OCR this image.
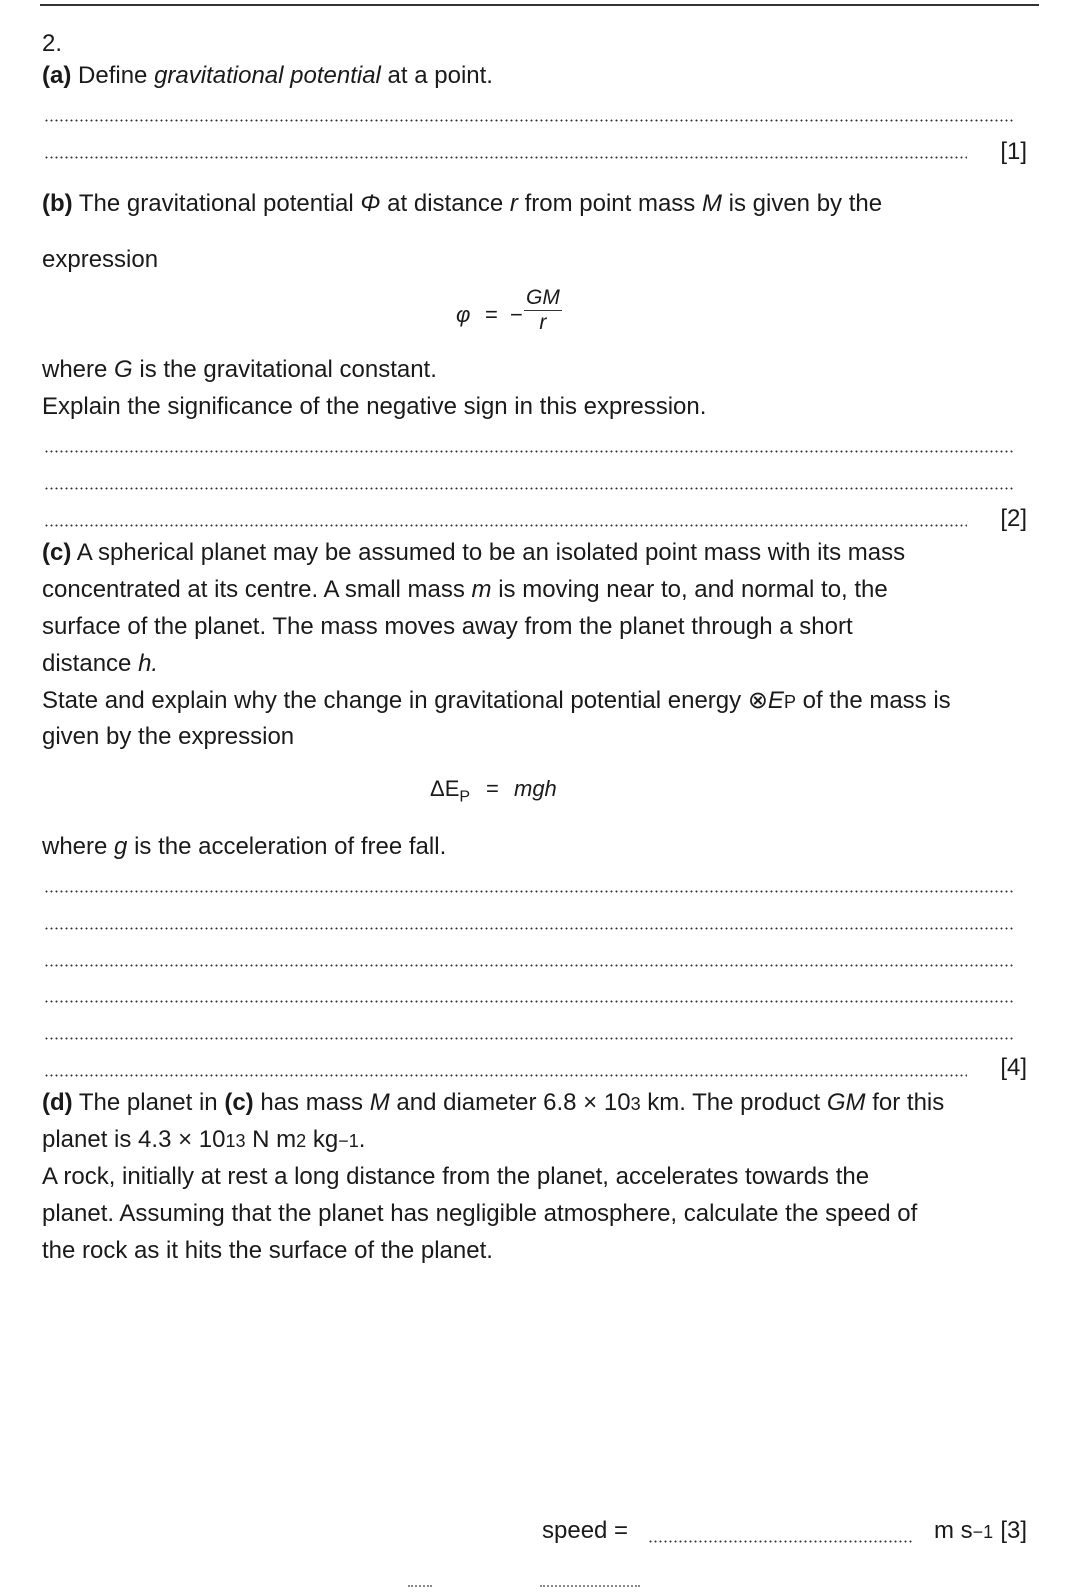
2.
(a) Define gravitational potential at a point.
[1]
(b) The gravitational potential Φ at distance r from point mass M is given by the
expression
φ = − $\frac{GM}{r}$
where G is the gravitational constant.
Explain the significance of the negative sign in this expression.
[2]
(c) A spherical planet may be assumed to be an isolated point mass with its mass
concentrated at its centre. A small mass m is moving near to, and normal to, the
surface of the planet. The mass moves away from the planet through a short
distance h.
State and explain why the change in gravitational potential energy ⊗EP of the mass is
given by the expression
$\Delta E_P$ = mgh
where g is the acceleration of free fall.
[4]
(d) The planet in (c) has mass M and diameter 6.8 × 103 km. The product GM for this
planet is 4.3 × 1013 N m2 kg−1.
A rock, initially at rest a long distance from the planet, accelerates towards the
planet. Assuming that the planet has negligible atmosphere, calculate the speed of
the rock as it hits the surface of the planet.
speed =	m s−1 [3]
